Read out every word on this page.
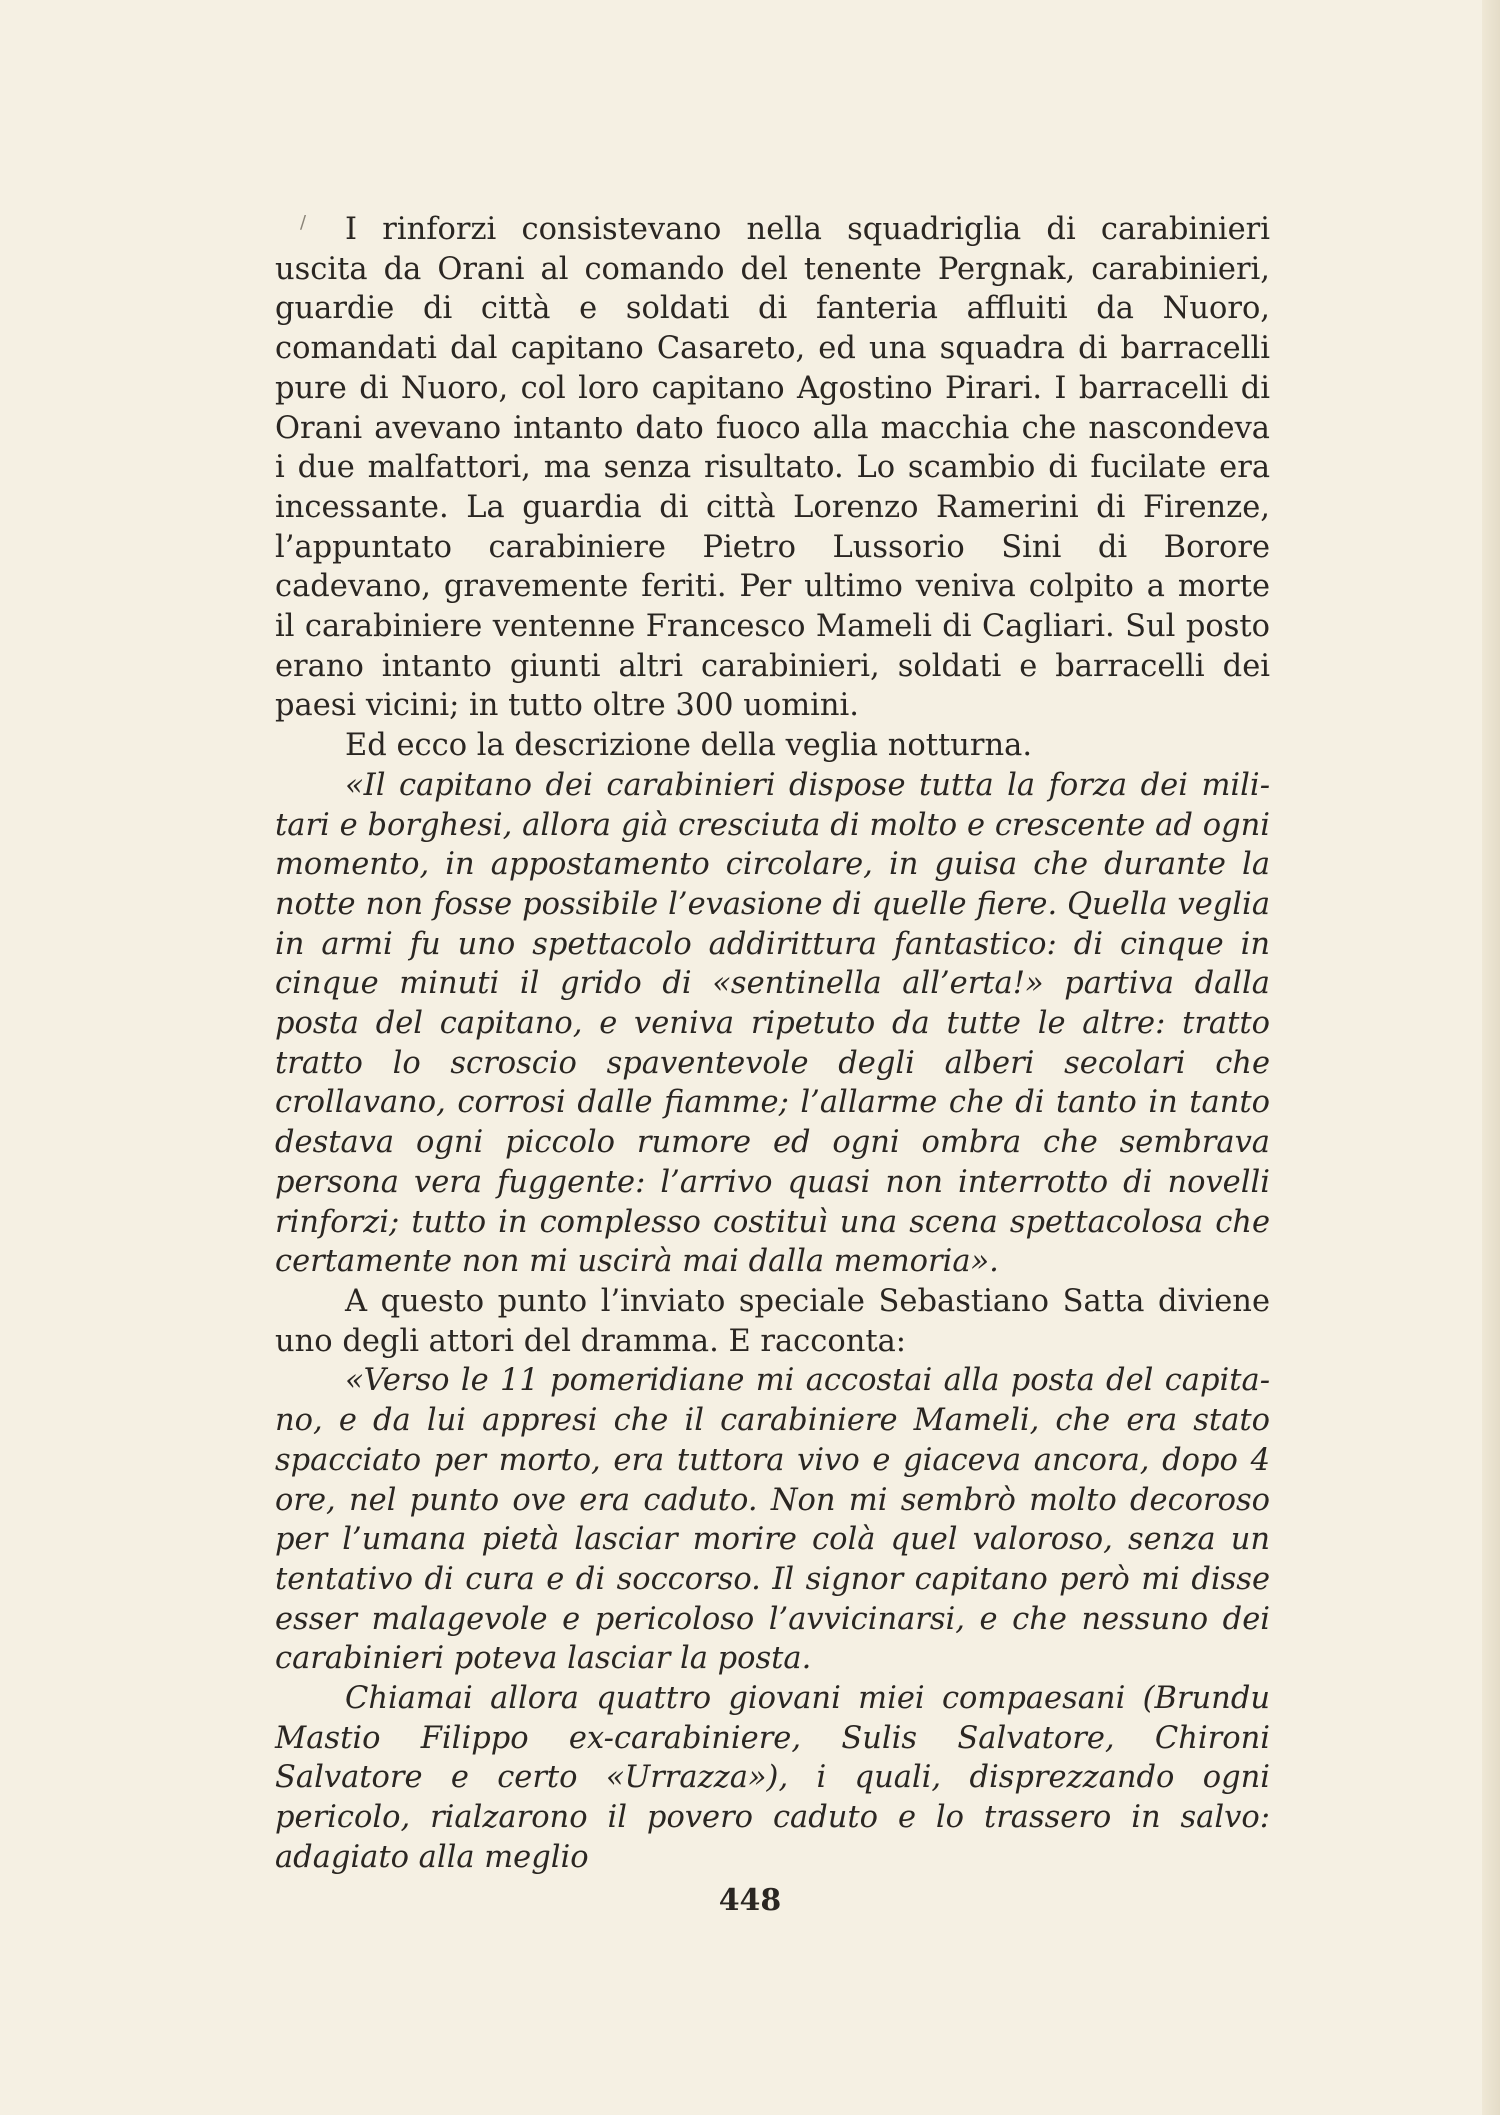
/	I rinforzi consistevano nella squadriglia di carabinieri uscita da Orani al comando del tenente Pergnak, carabinieri, guardie di città e soldati di fanteria affluiti da Nuoro, comandati dal capitano Casareto, ed una squadra di barracelli pure di Nuoro, col loro capitano Agostino Pirari. I barracelli di Orani avevano intanto dato fuoco alla macchia che nascondeva i due malfattori, ma senza risultato. Lo scambio di fucilate era incessante. La guardia di città Lorenzo Ramerini di Firenze, l’appuntato carabiniere Pietro Lussorio Sini di Borore cadevano, gravemente feriti. Per ultimo veniva colpito a morte il carabiniere ventenne Francesco Mameli di Cagliari. Sul posto erano intanto giunti altri carabinieri, soldati e barracelli dei paesi vicini; in tutto oltre 300 uomini.

Ed ecco la descrizione della veglia notturna.

«Il capitano dei carabinieri dispose tutta la forza dei militari e borghesi, allora già cresciuta di molto e crescente ad ogni momento, in appostamento circolare, in guisa che durante la notte non fosse possibile l’evasione di quelle fiere. Quella veglia in armi fu uno spettacolo addirittura fantastico: di cinque in cinque minuti il grido di «sentinella all’erta!» partiva dalla posta del capitano, e veniva ripetuto da tutte le altre: tratto tratto lo scroscio spaventevole degli alberi secolari che crollavano, corrosi dalle fiamme; l’allarme che di tanto in tanto destava ogni piccolo rumore ed ogni ombra che sembrava persona vera fuggente: l’arrivo quasi non interrotto di novelli rinforzi; tutto in complesso costituì una scena spettacolosa che certamente non mi uscirà mai dalla memoria».

A questo punto l’inviato speciale Sebastiano Satta diviene uno degli attori del dramma. E racconta:

«Verso le 11 pomeridiane mi accostai alla posta del capitano, e da lui appresi che il carabiniere Mameli, che era stato spacciato per morto, era tuttora vivo e giaceva ancora, dopo 4 ore, nel punto ove era caduto. Non mi sembrò molto decoroso per l’umana pietà lasciar morire colà quel valoroso, senza un tentativo di cura e di soccorso. Il signor capitano però mi disse esser malagevole e pericoloso l’avvicinarsi, e che nessuno dei carabinieri poteva lasciar la posta.

Chiamai allora quattro giovani miei compaesani (Brundu Mastio Filippo ex-carabiniere, Sulis Salvatore, Chironi Salvatore e certo «Urrazza»), i quali, disprezzando ogni pericolo, rialzarono il povero caduto e lo trassero in salvo: adagiato alla meglio

448
